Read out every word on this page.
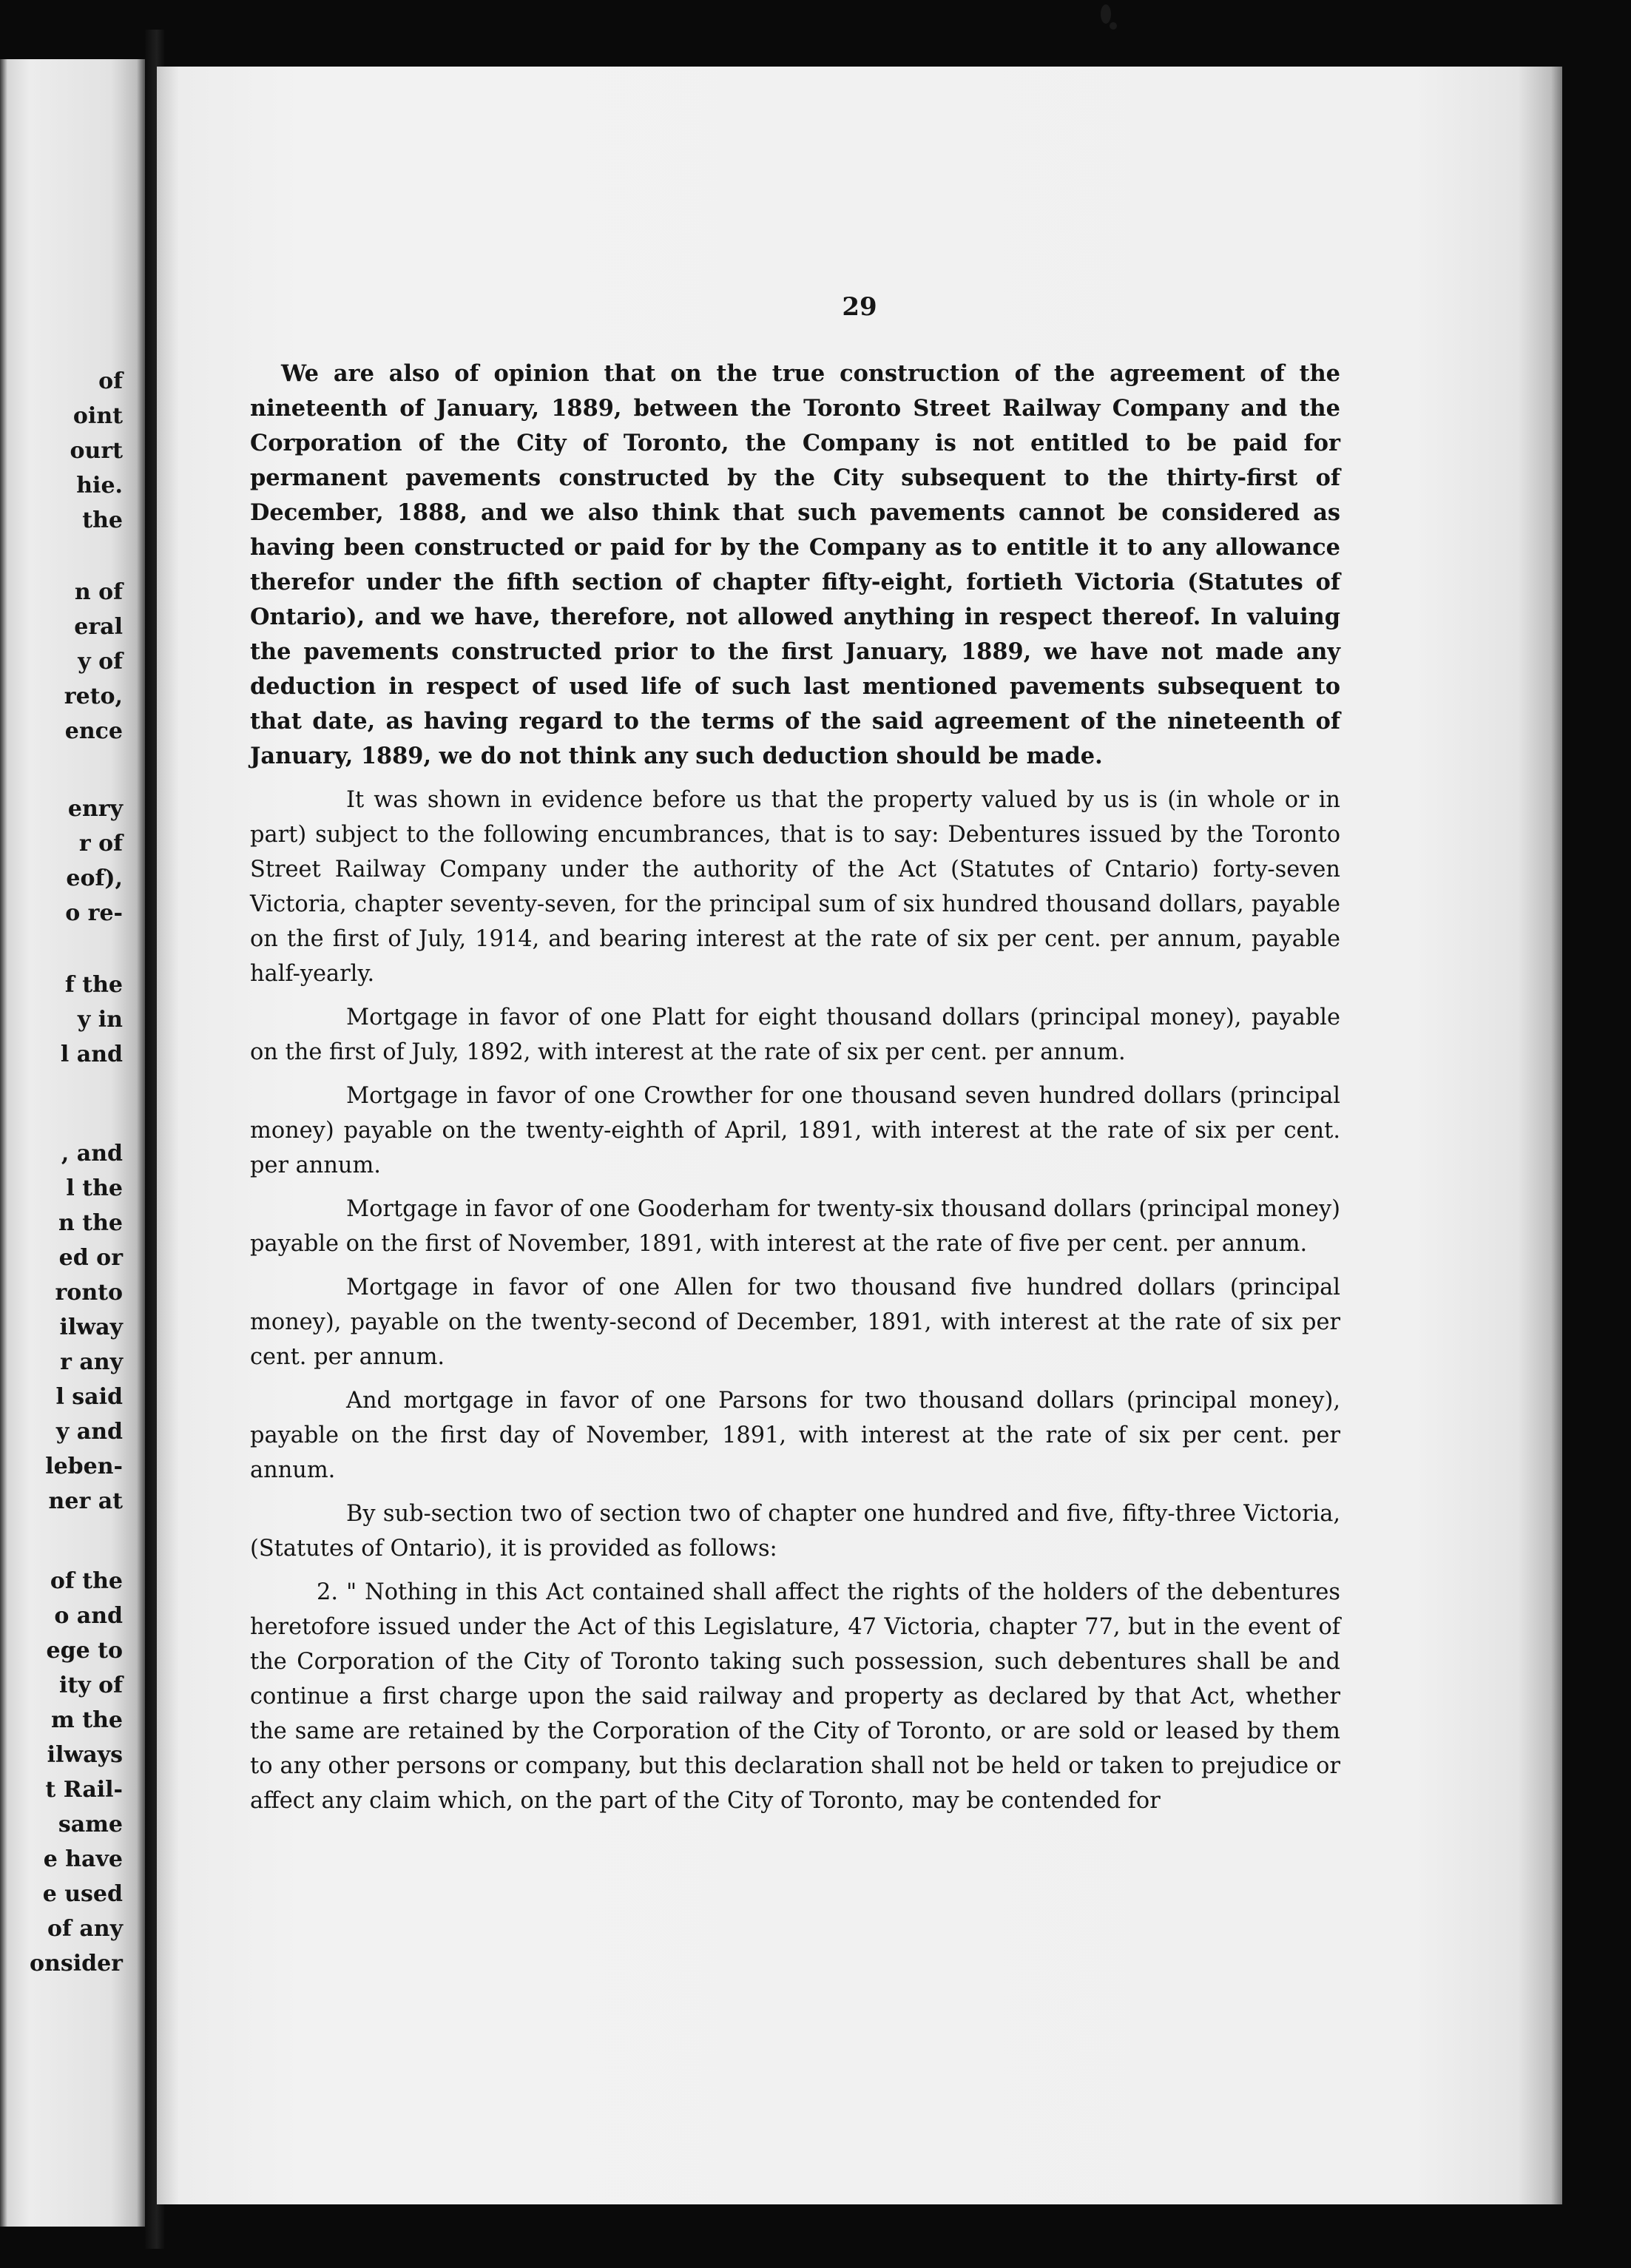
of
oint
ourt
hie.
the
n of
eral
y of
reto,
ence
enry
r of
eof),
o re-
f the
y in
l and
, and
l the
n the
ed or
ronto
ilway
r any
l said
y and
leben-
ner at
of the
o and
ege to
ity of
m the
ilways
t Rail-
same
e have
e used
of any
onsider
29

We are also of opinion that on the true construction of the agreement of the nineteenth of January, 1889, between the Toronto Street Railway Company and the Corporation of the City of Toronto, the Company is not entitled to be paid for permanent pavements constructed by the City subsequent to the thirty-first of December, 1888, and we also think that such pavements cannot be considered as having been constructed or paid for by the Company as to entitle it to any allowance therefor under the fifth section of chapter fifty-eight, fortieth Victoria (Statutes of Ontario), and we have, therefore, not allowed anything in respect thereof. In valuing the pavements constructed prior to the first January, 1889, we have not made any deduction in respect of used life of such last mentioned pavements subsequent to that date, as having regard to the terms of the said agreement of the nineteenth of January, 1889, we do not think any such deduction should be made.

It was shown in evidence before us that the property valued by us is (in whole or in part) subject to the following encumbrances, that is to say: Debentures issued by the Toronto Street Railway Company under the authority of the Act (Statutes of Cntario) forty-seven Victoria, chapter seventy-seven, for the principal sum of six hundred thousand dollars, payable on the first of July, 1914, and bearing interest at the rate of six per cent. per annum, payable half-yearly.

Mortgage in favor of one Platt for eight thousand dollars (principal money), payable on the first of July, 1892, with interest at the rate of six per cent. per annum.

Mortgage in favor of one Crowther for one thousand seven hundred dollars (principal money) payable on the twenty-eighth of April, 1891, with interest at the rate of six per cent. per annum.

Mortgage in favor of one Gooderham for twenty-six thousand dollars (principal money) payable on the first of November, 1891, with interest at the rate of five per cent. per annum.

Mortgage in favor of one Allen for two thousand five hundred dollars (principal money), payable on the twenty-second of December, 1891, with interest at the rate of six per cent. per annum.

And mortgage in favor of one Parsons for two thousand dollars (principal money), payable on the first day of November, 1891, with interest at the rate of six per cent. per annum.

By sub-section two of section two of chapter one hundred and five, fifty-three Victoria, (Statutes of Ontario), it is provided as follows:

2. " Nothing in this Act contained shall affect the rights of the holders of the debentures heretofore issued under the Act of this Legislature, 47 Victoria, chapter 77, but in the event of the Corporation of the City of Toronto taking such possession, such debentures shall be and continue a first charge upon the said railway and property as declared by that Act, whether the same are retained by the Corporation of the City of Toronto, or are sold or leased by them to any other persons or company, but this declaration shall not be held or taken to prejudice or affect any claim which, on the part of the City of Toronto, may be contended for
